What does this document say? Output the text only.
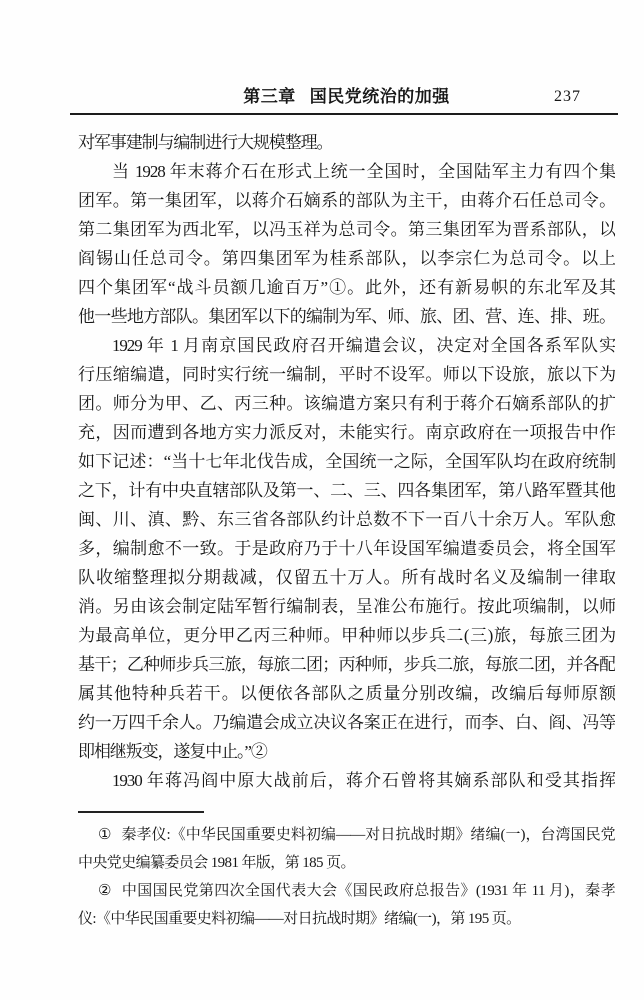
第三章 国民党统治的加强	237
对军事建制与编制进行大规模整理。
当 1928 年末蒋介石在形式上统一全国时，全国陆军主力有四个集
团军。第一集团军，以蒋介石嫡系的部队为主干，由蒋介石任总司令。
第二集团军为西北军，以冯玉祥为总司令。第三集团军为晋系部队，以
阎锡山任总司令。第四集团军为桂系部队，以李宗仁为总司令。以上
四个集团军“战斗员额几逾百万”①。此外，还有新易帜的东北军及其
他一些地方部队。集团军以下的编制为军、师、旅、团、营、连、排、班。
1929 年 1 月南京国民政府召开编遣会议，决定对全国各系军队实
行压缩编遣，同时实行统一编制，平时不设军。师以下设旅，旅以下为
团。师分为甲、乙、丙三种。该编遣方案只有利于蒋介石嫡系部队的扩
充，因而遭到各地方实力派反对，未能实行。南京政府在一项报告中作
如下记述：“当十七年北伐告成，全国统一之际，全国军队均在政府统制
之下，计有中央直辖部队及第一、二、三、四各集团军，第八路军暨其他
闽、川、滇、黔、东三省各部队约计总数不下一百八十余万人。军队愈
多，编制愈不一致。于是政府乃于十八年设国军编遣委员会，将全国军
队收缩整理拟分期裁减，仅留五十万人。所有战时名义及编制一律取
消。另由该会制定陆军暂行编制表，呈准公布施行。按此项编制，以师
为最高单位，更分甲乙丙三种师。甲种师以步兵二(三)旅，每旅三团为
基干；乙种师步兵三旅，每旅二团；丙种师，步兵二旅，每旅二团，并各配
属其他特种兵若干。以便依各部队之质量分别改编，改编后每师原额
约一万四千余人。乃编遣会成立决议各案正在进行，而李、白、阎、冯等
即相继叛变，遂复中止。”②
1930 年蒋冯阎中原大战前后，蒋介石曾将其嫡系部队和受其指挥
① 秦孝仪:《中华民国重要史料初编——对日抗战时期》绪编(一)，台湾国民党
中央党史编纂委员会 1981 年版，第 185 页。
② 中国国民党第四次全国代表大会《国民政府总报告》(1931 年 11 月)，秦孝
仪:《中华民国重要史料初编——对日抗战时期》绪编(一)，第 195 页。
